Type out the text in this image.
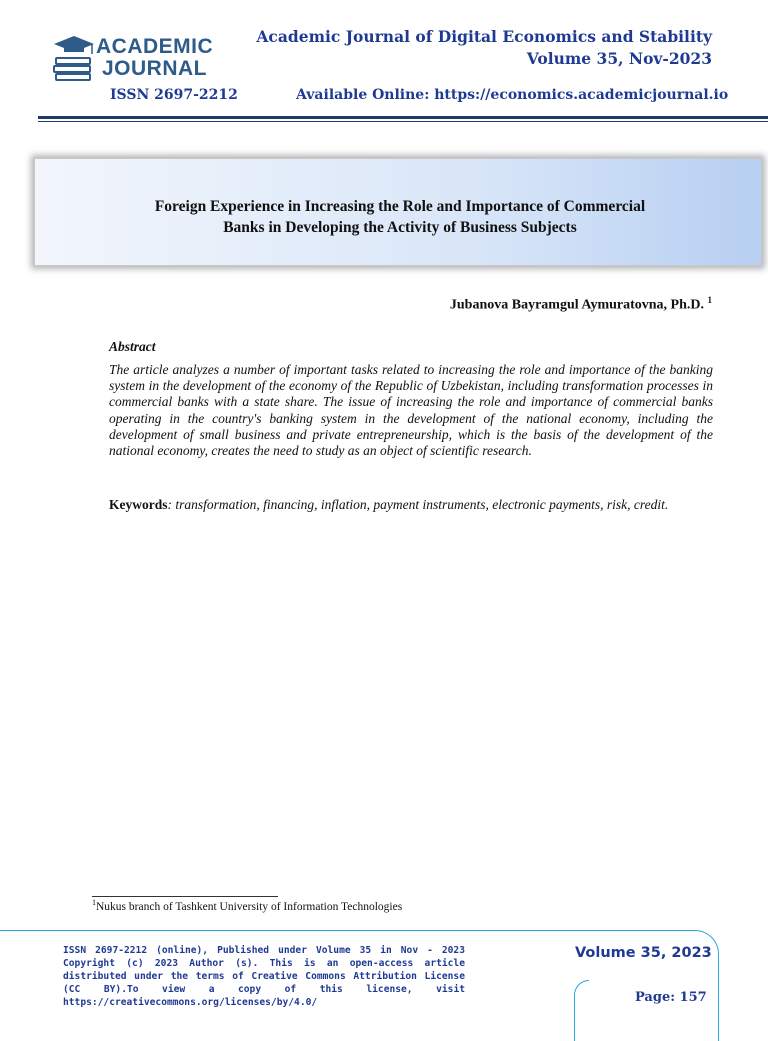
ACADEMIC
JOURNAL
Academic Journal of Digital Economics and Stability
Volume 35, Nov-2023
ISSN 2697-2212	Available Online: https://economics.academicjournal.io
Foreign Experience in Increasing the Role and Importance of Commercial
Banks in Developing the Activity of Business Subjects
Jubanova Bayramgul Aymuratovna, Ph.D. $^1$
Abstract
The article analyzes a number of important tasks related to increasing the role and importance of the banking system in the development of the economy of the Republic of Uzbekistan, including transformation processes in commercial banks with a state share. The issue of increasing the role and importance of commercial banks operating in the country's banking system in the development of the national economy, including the development of small business and private entrepreneurship, which is the basis of the development of the national economy, creates the need to study as an object of scientific research.
Keywords: transformation, financing, inflation, payment instruments, electronic payments, risk, credit.
$^1$Nukus branch of Tashkent University of Information Technologies
ISSN 2697-2212 (online), Published under Volume 35 in Nov - 2023 Copyright (c) 2023 Author (s). This is an open-access article distributed under the terms of Creative Commons Attribution License (CC BY).To view a copy of this license, visit https://creativecommons.org/licenses/by/4.0/
Volume 35, 2023
Page: 157
